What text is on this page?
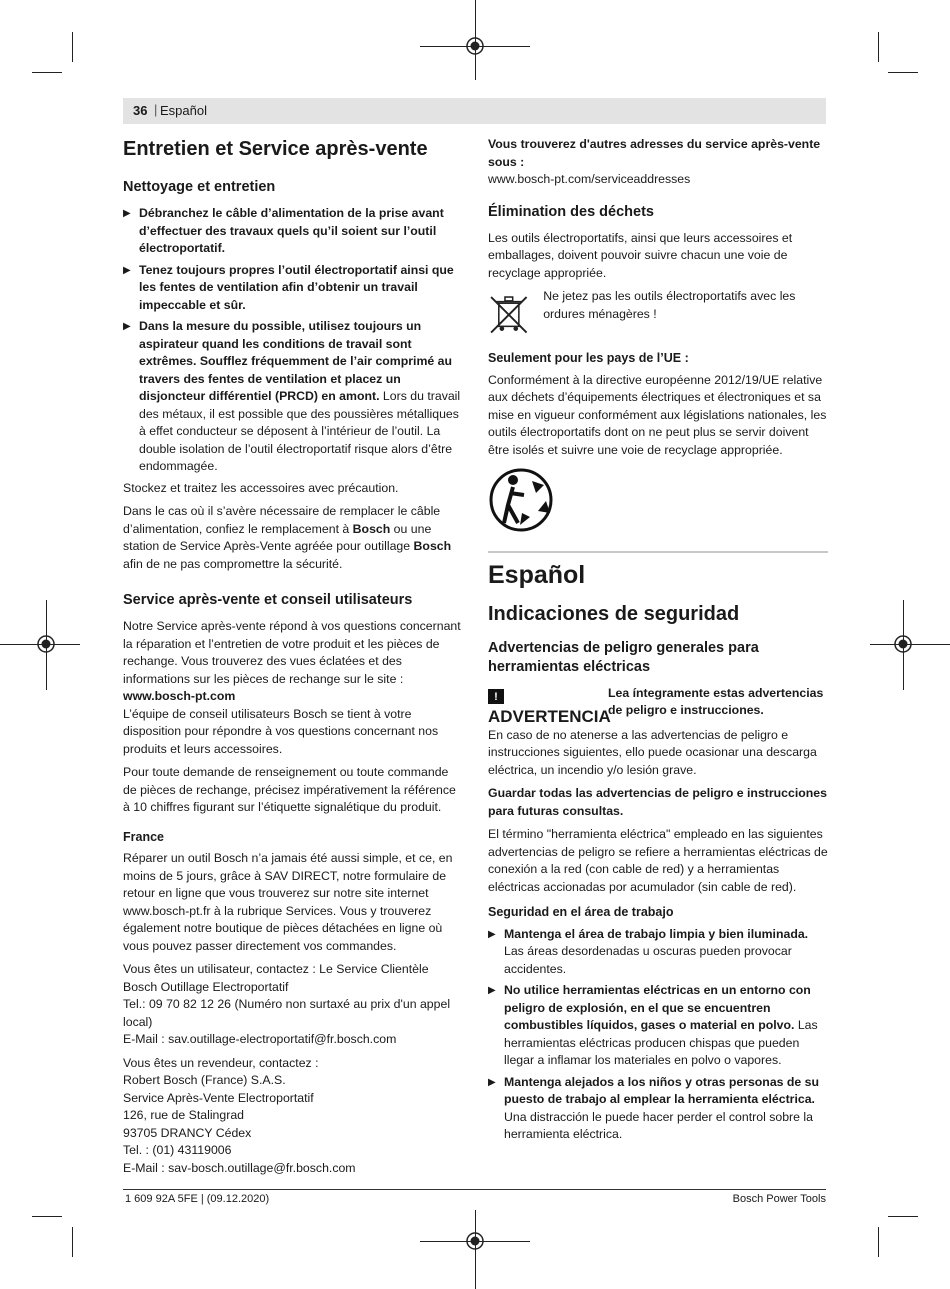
36 | Español
Entretien et Service après-vente
Nettoyage et entretien
▶ Débranchez le câble d’alimentation de la prise avant d’effectuer des travaux quels qu’il soient sur l’outil électroportatif.
▶ Tenez toujours propres l’outil électroportatif ainsi que les fentes de ventilation afin d’obtenir un travail impeccable et sûr.
▶ Dans la mesure du possible, utilisez toujours un aspirateur quand les conditions de travail sont extrêmes. Soufflez fréquemment de l’air comprimé au travers des fentes de ventilation et placez un disjoncteur différentiel (PRCD) en amont. Lors du travail des métaux, il est possible que des poussières métalliques à effet conducteur se déposent à l’intérieur de l’outil. La double isolation de l’outil électroportatif risque alors d’être endommagée.

Stockez et traitez les accessoires avec précaution.

Dans le cas où il s’avère nécessaire de remplacer le câble d’alimentation, confiez le remplacement à Bosch ou une station de Service Après-Vente agréée pour outillage Bosch afin de ne pas compromettre la sécurité.

Service après-vente et conseil utilisateurs

Notre Service après-vente répond à vos questions concernant la réparation et l’entretien de votre produit et les pièces de rechange. Vous trouverez des vues éclatées et des informations sur les pièces de rechange sur le site :

www.bosch-pt.com

L’équipe de conseil utilisateurs Bosch se tient à votre disposition pour répondre à vos questions concernant nos produits et leurs accessoires.

Pour toute demande de renseignement ou toute commande de pièces de rechange, précisez impérativement la référence à 10 chiffres figurant sur l’étiquette signalétique du produit.

France

Réparer un outil Bosch n’a jamais été aussi simple, et ce, en moins de 5 jours, grâce à SAV DIRECT, notre formulaire de retour en ligne que vous trouverez sur notre site internet www.bosch-pt.fr à la rubrique Services. Vous y trouverez également notre boutique de pièces détachées en ligne où vous pouvez passer directement vos commandes.

Vous êtes un utilisateur, contactez : Le Service Clientèle
Bosch Outillage Electroportatif
Tel.: 09 70 82 12 26 (Numéro non surtaxé au prix d'un appel local)
E-Mail : sav.outillage-electroportatif@fr.bosch.com
Vous êtes un revendeur, contactez :
Robert Bosch (France) S.A.S.
Service Après-Vente Electroportatif
126, rue de Stalingrad
93705 DRANCY Cédex
Tel. : (01) 43119006
E-Mail : sav-bosch.outillage@fr.bosch.com
Vous trouverez d'autres adresses du service après-vente sous :

www.bosch-pt.com/serviceaddresses

Élimination des déchets

Les outils électroportatifs, ainsi que leurs accessoires et emballages, doivent pouvoir suivre chacun une voie de recyclage appropriée.

Ne jetez pas les outils électroportatifs avec les ordures ménagères !
Seulement pour les pays de l’UE :

Conformément à la directive européenne 2012/19/UE relative aux déchets d’équipements électriques et électroniques et sa mise en vigueur conformément aux législations nationales, les outils électroportatifs dont on ne peut plus se servir doivent être isolés et suivre une voie de recyclage appropriée.

Español
Indicaciones de seguridad
Advertencias de peligro generales para herramientas eléctricas
!ADVERTENCIA
Lea íntegramente estas advertencias de peligro e instrucciones.

En caso de no atenerse a las advertencias de peligro e instrucciones siguientes, ello puede ocasionar una descarga eléctrica, un incendio y/o lesión grave.

Guardar todas las advertencias de peligro e instrucciones para futuras consultas.

El término "herramienta eléctrica" empleado en las siguientes advertencias de peligro se refiere a herramientas eléctricas de conexión a la red (con cable de red) y a herramientas eléctricas accionadas por acumulador (sin cable de red).

Seguridad en el área de trabajo
▶ Mantenga el área de trabajo limpia y bien iluminada. Las áreas desordenadas u oscuras pueden provocar accidentes.
▶ No utilice herramientas eléctricas en un entorno con peligro de explosión, en el que se encuentren combustibles líquidos, gases o material en polvo. Las herramientas eléctricas producen chispas que pueden llegar a inflamar los materiales en polvo o vapores.
▶ Mantenga alejados a los niños y otras personas de su puesto de trabajo al emplear la herramienta eléctrica. Una distracción le puede hacer perder el control sobre la herramienta eléctrica.
1 609 92A 5FE | (09.12.2020)	Bosch Power Tools
